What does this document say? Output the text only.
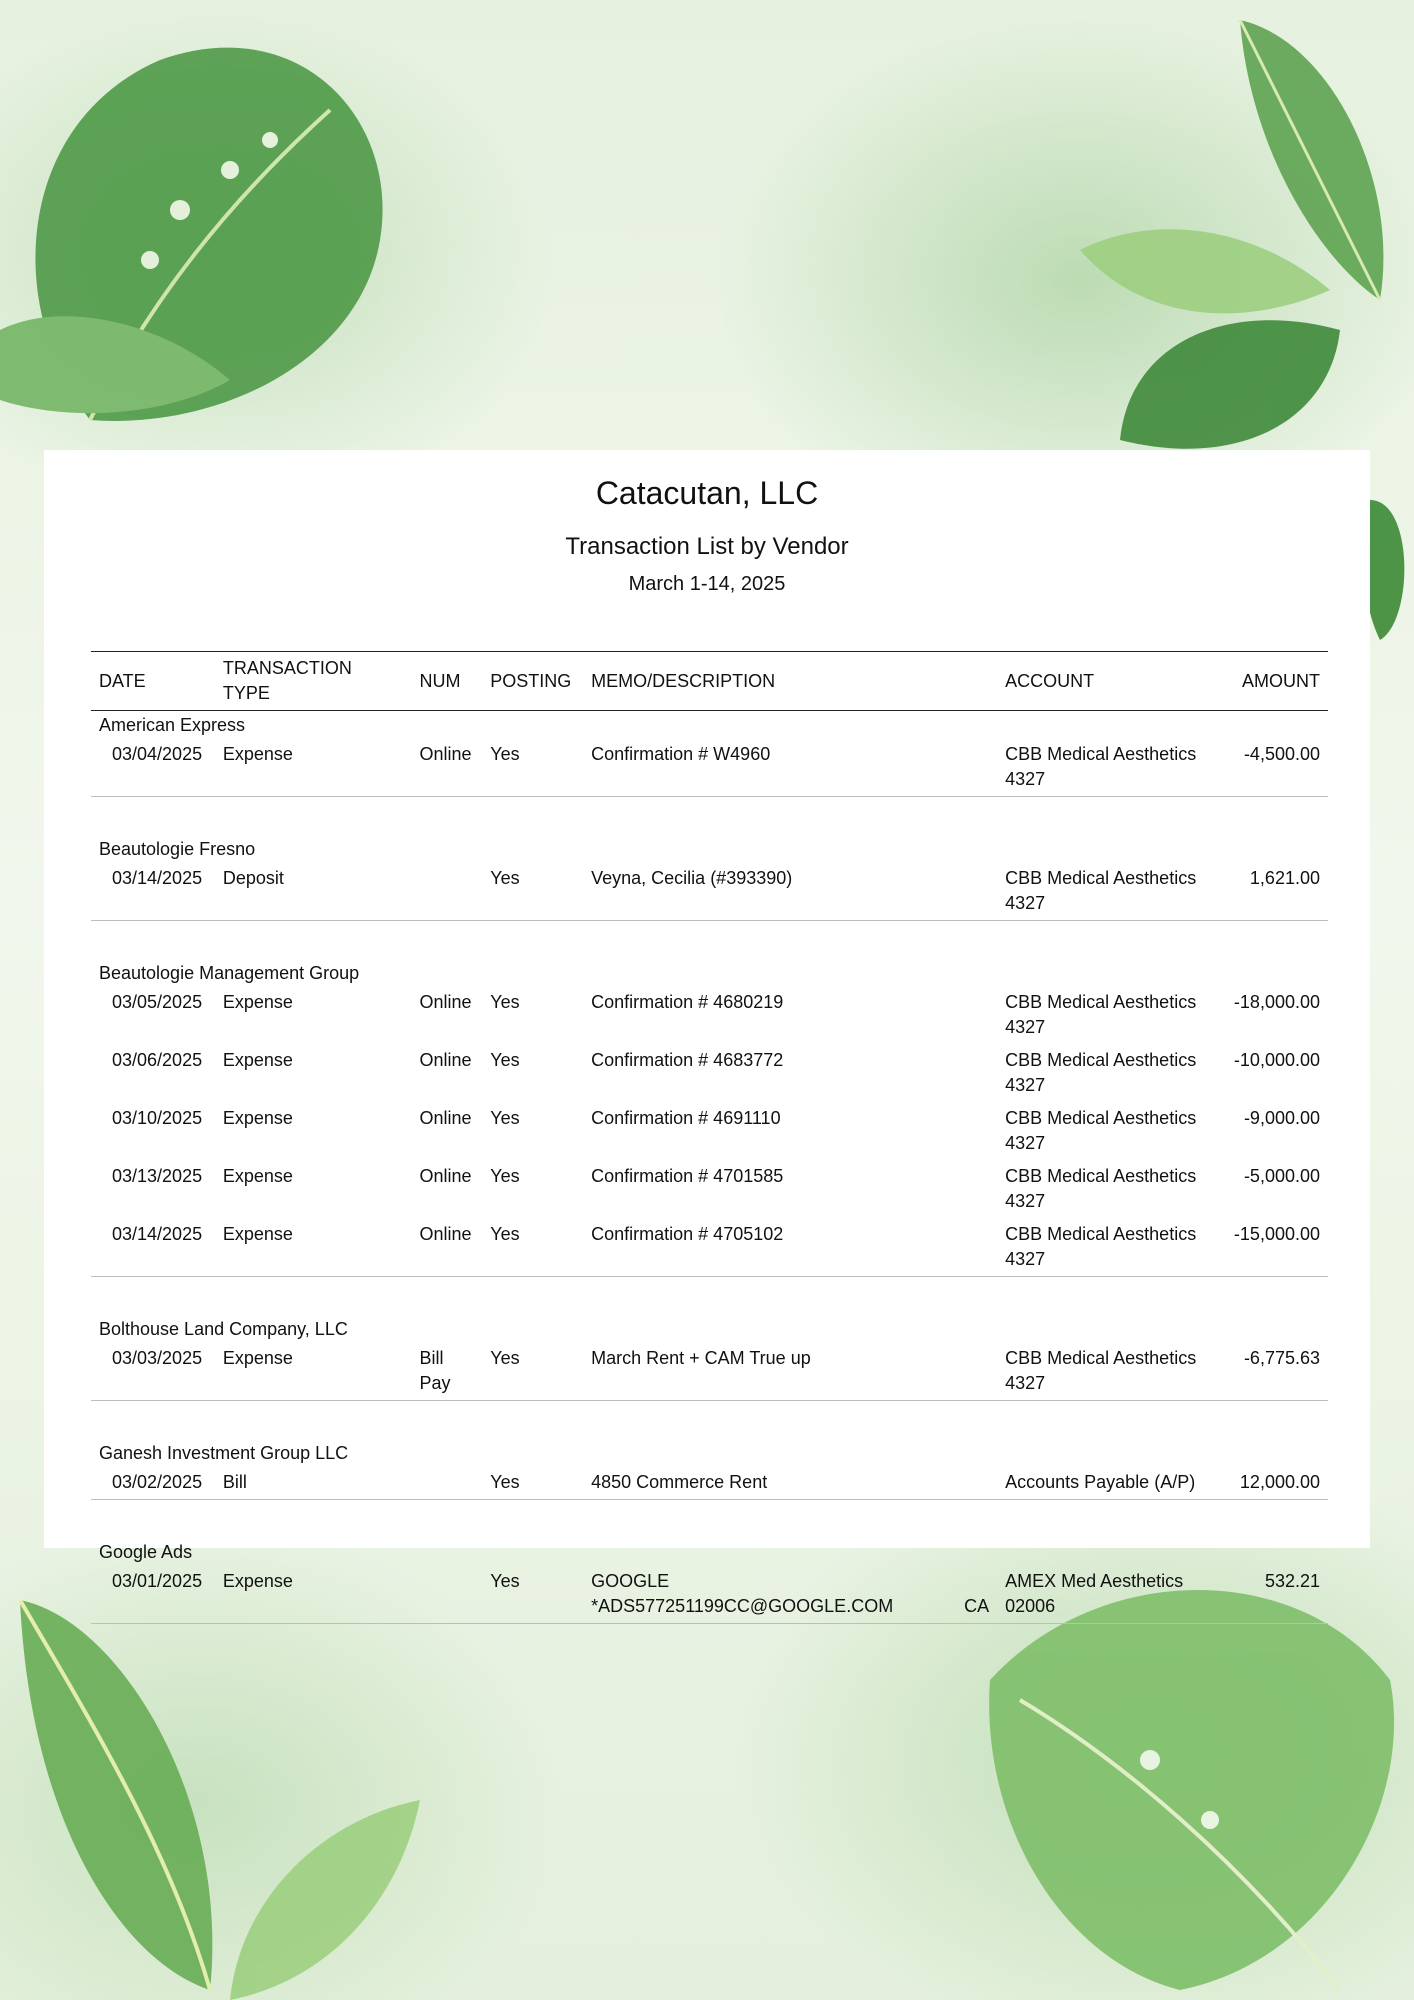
Catacutan, LLC
Transaction List by Vendor
March 1-14, 2025
DATE	TRANSACTION TYPE	NUM	POSTING	MEMO/DESCRIPTION	ACCOUNT	AMOUNT
American Express						
03/04/2025	Expense	Online	Yes	Confirmation # W4960	CBB Medical Aesthetics 4327	-4,500.00

Beautologie Fresno						
03/14/2025	Deposit		Yes	Veyna, Cecilia (#393390)	CBB Medical Aesthetics 4327	1,621.00

Beautologie Management Group						
03/05/2025	Expense	Online	Yes	Confirmation # 4680219	CBB Medical Aesthetics 4327	-18,000.00
03/06/2025	Expense	Online	Yes	Confirmation # 4683772	CBB Medical Aesthetics 4327	-10,000.00
03/10/2025	Expense	Online	Yes	Confirmation # 4691110	CBB Medical Aesthetics 4327	-9,000.00
03/13/2025	Expense	Online	Yes	Confirmation # 4701585	CBB Medical Aesthetics 4327	-5,000.00
03/14/2025	Expense	Online	Yes	Confirmation # 4705102	CBB Medical Aesthetics 4327	-15,000.00

Bolthouse Land Company, LLC						
03/03/2025	Expense	Bill Pay	Yes	March Rent + CAM True up	CBB Medical Aesthetics 4327	-6,775.63

Ganesh Investment Group LLC						
03/02/2025	Bill		Yes	4850 Commerce Rent	Accounts Payable (A/P)	12,000.00

Google Ads						
03/01/2025	Expense		Yes	GOOGLE *ADS577251199CC@GOOGLE.COM CA	AMEX Med Aesthetics 02006	532.21
